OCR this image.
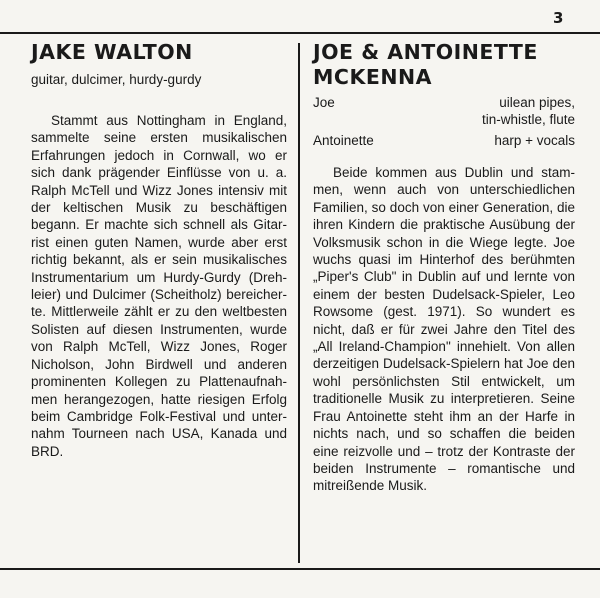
3
JAKE WALTON

guitar, dulcimer, hurdy-gurdy

Stammt aus Nottingham in England, sammelte seine ersten musikalischen Erfahrungen jedoch in Cornwall, wo er sich dank prägender Einflüsse von u. a. Ralph McTell und Wizz Jones intensiv mit der keltischen Musik zu beschäftigen begann. Er machte sich schnell als Gitarrist einen guten Namen, wurde aber erst richtig bekannt, als er sein musikalisches Instrumentarium um Hurdy-Gurdy (Drehleier) und Dulcimer (Scheitholz) bereicherte. Mittlerweile zählt er zu den weltbesten Solisten auf diesen Instrumenten, wurde von Ralph McTell, Wizz Jones, Roger Nicholson, John Birdwell und anderen prominenten Kollegen zu Plattenaufnahmen herangezogen, hatte riesigen Erfolg beim Cambridge Folk-Festival und unternahm Tourneen nach USA, Kanada und BRD.

JOE & ANTOINETTE
MCKENNA
Joe	uilean pipes,
tin-whistle, flute
Antoinette	harp + vocals

Beide kommen aus Dublin und stammen, wenn auch von unterschiedlichen Familien, so doch von einer Generation, die ihren Kindern die praktische Ausübung der Volksmusik schon in die Wiege legte. Joe wuchs quasi im Hinterhof des berühmten „Piper's Club" in Dublin auf und lernte von einem der besten Dudelsack-Spieler, Leo Rowsome (gest. 1971). So wundert es nicht, daß er für zwei Jahre den Titel des „All Ireland-Champion" innehielt. Von allen derzeitigen Dudelsack-Spielern hat Joe den wohl persönlichsten Stil entwickelt, um traditionelle Musik zu interpretieren. Seine Frau Antoinette steht ihm an der Harfe in nichts nach, und so schaffen die beiden eine reizvolle und – trotz der Kontraste der beiden Instrumente – romantische und mitreißende Musik.
